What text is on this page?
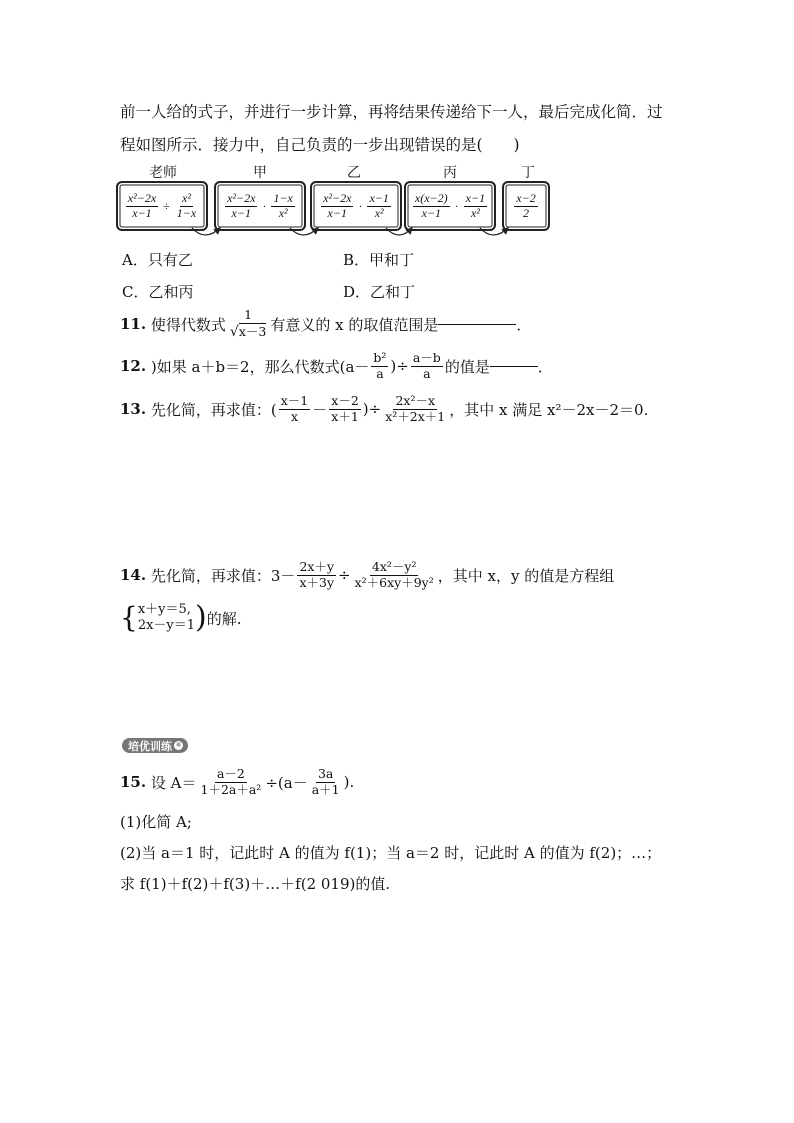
前一人给的式子，并进行一步计算，再将结果传递给下一人，最后完成化简．过
程如图所示．接力中，自己负责的一步出现错误的是(　　)
老师	甲	乙	丙	丁
$\frac{\text{x²−2x}}{x-1} \div \frac{\text{x²}}{1-x} \frac{\text{x²−2x}}{x-1} \cdot \frac{1-x}{\text{x²}} \frac{\text{x²−2x}}{x-1} \cdot \frac{x-1}{\text{x²}} \frac{x(x-2)}{x-1} \cdot \frac{x-1}{\text{x²}} \frac{x-2}{2}$
A．只有乙	B．甲和丁
C．乙和丙	D．乙和丁
11.
使得代数式 $\frac{1}{√x-3}$ 有意义的 x 的取值范围是	．
12.
)如果 a＋b＝2，那么代数式($a- \frac{\text{b²}}{a}$ )÷ $\frac{a-b}{a}$ 的值是	．
13.
先化简，再求值：( $\frac{x-1}{x} - \frac{x-2}{x+1}$ )÷ $\frac{\text{2x²－x}}{\text{x²＋2x＋1}}$ ，其中 x 满足 x²－2x－2＝0.
14.
先化简，再求值：$3- \frac{2x+y}{x+3y} \div \frac{\text{4x²－y²}}{\text{x²＋6xy＋9y²}}$ ，其中 x，y 的值是方程组
{ x＋y＝5,
2x－y＝1 ) 的解.
培优训练 ④
15.
设 $A= \frac{a-2}{\text{1＋2a＋a²}} \div(a- \frac{3a}{a+1}$ ).
(1)化简 A;
(2)当 a＝1 时，记此时 A 的值为 f(1)；当 a＝2 时，记此时 A 的值为 f(2)；…；
求 f(1)＋f(2)＋f(3)＋…＋f(2 019)的值.
